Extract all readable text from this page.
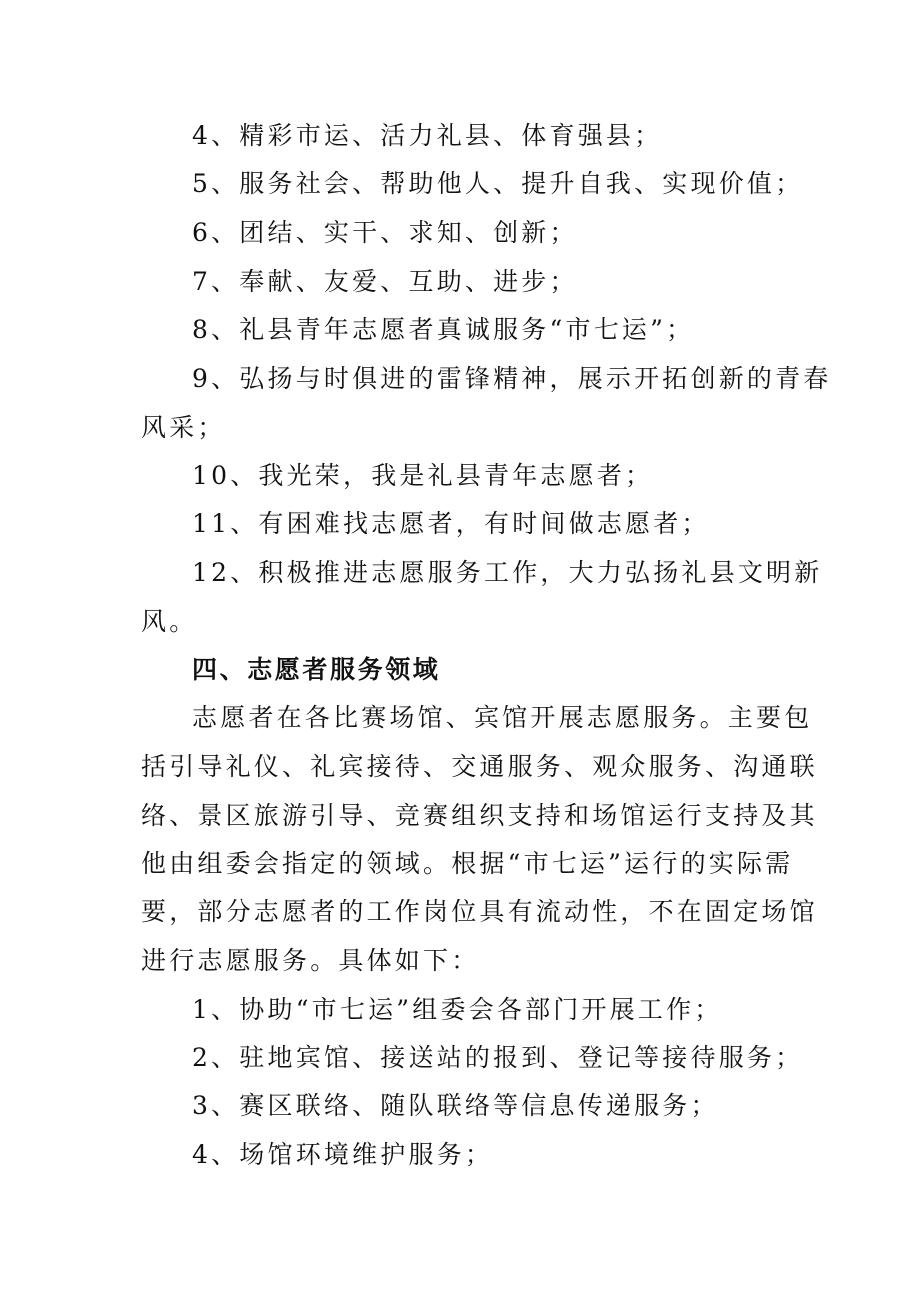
4、精彩市运、活力礼县、体育强县；
5、服务社会、帮助他人、提升自我、实现价值；
6、团结、实干、求知、创新；
7、奉献、友爱、互助、进步；
8、礼县青年志愿者真诚服务“市七运”；
9、弘扬与时俱进的雷锋精神，展示开拓创新的青春
风采；
10、我光荣，我是礼县青年志愿者；
11、有困难找志愿者，有时间做志愿者；
12、积极推进志愿服务工作，大力弘扬礼县文明新
风。
四、志愿者服务领域
志愿者在各比赛场馆、宾馆开展志愿服务。主要包
括引导礼仪、礼宾接待、交通服务、观众服务、沟通联
络、景区旅游引导、竞赛组织支持和场馆运行支持及其
他由组委会指定的领域。根据“市七运”运行的实际需
要，部分志愿者的工作岗位具有流动性，不在固定场馆
进行志愿服务。具体如下：
1、协助“市七运”组委会各部门开展工作；
2、驻地宾馆、接送站的报到、登记等接待服务；
3、赛区联络、随队联络等信息传递服务；
4、场馆环境维护服务；
